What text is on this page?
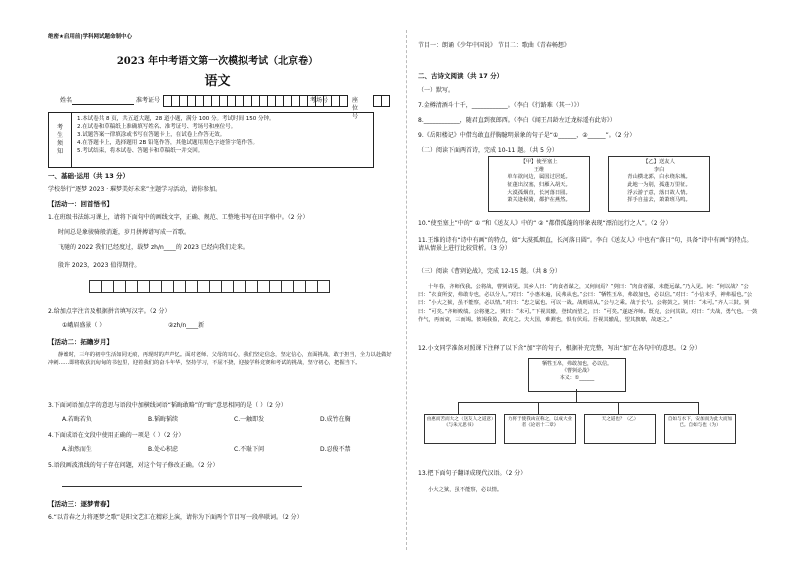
绝密★启用前|学科网试题命制中心
2023 年中考语文第一次模拟考试（北京卷）
语文
姓名	准考证号	考场号	座位号
考
生
须
知
1.本试卷共 8 页，共五道大题，28 道小题，满分 100 分。考试时间 150 分钟。
2.在试卷和草稿纸上准确填写姓名、准考证号、考场号和座位号。
3.试题答案一律填涂或书写在答题卡上，在试卷上作答无效。
4.在答题卡上，选择题用 2B 铅笔作答，其他试题用黑色字迹签字笔作答。
5.考试结束，将本试卷、答题卡和草稿纸一并交回。
一、基础·运用（共 13 分）
学校举行“逐梦 2023 · 璀梦美好未来”主题学习活动，请你参加。
【活动一：回首悟书】
1.在班级书法练习课上，请将下面句中的画线文字，正确、规范、工整地书写在田字格中。（2 分）
时间总是象骏骑般消逝，岁月拼搏谱写成一首歌。
飞驰的 2022 我们已经度过，载梦 zh/n____的 2023 已经向我们走来。
殷许 2023，2023 值得期待。
2.给加点字注音及根据拼音填写汉字。（2 分）
①峨眉盛景（ ）	②zh/n____新
【活动二：拓瞻岁月】
静谧时，三年的初中生活如同无痕，再现时的声声忆。面对老师、父母的耳心，我们坚定信念，坚定信心，直面挑战，敢于担当，全力以赴做好冲刺……即将收获沉甸甸的书包里，迎着我们的奋斗年华，坚持学习，不屈不挠，迎接学科竞赛和考试的挑战，坚守初心，把握当下。
3.下面词语加点字的意思与语段中加横线词语“韬晦敢略”的“晦”意思相同的是（ ）（2 分）
A.若晦若负	B.韬晦韬续	C.一触即发	D.成竹在胸
4.下面成语在文段中使用正确的一项是（ ）（2 分）
A.油然而生	B.处心积虑	C.不耻下问	D.忍俊不禁
5.语段画波浪线的句子存在问题，对这个句子修改正确。（2 分）
【活动三：逐梦青春】
6.“以青春之力将逐梦之歌”是阳文艺汇在精彩上演，请你为下面两个节目写一段串联词。（2 分）
节目一：朗诵《少年中国说》 节目二：歌曲《青春畅想》
二、古诗文阅读（共 17 分）
（一）默写。
7.金樽清酒斗十千，____________。（李白《行路难（其一）》）
8.____________，随君直到夜郎西。（李白《闻王昌龄左迁龙标遥有此寄》）
9.《岳阳楼记》中借鸟敢直抒胸臆明景象的句子是“①______，②______”。（2 分）
（二）阅读下面两首诗，完成 10-11 题。（共 5 分）
【甲】使至塞上
王维
单车欲问边，属国过居延。
征蓬出汉塞，归雁入胡天。
大漠孤烟直，长河落日圆。
萧关逢候骑，都护在燕然。
【乙】送友人
李白
青山横北郭，白水绕东城。
此地一为别，孤蓬万里征。
浮云游子意，落日故人情。
挥手自兹去，萧萧班马鸣。
10.“使至塞上”中的“ ① ”和《送友人》中的“ ② ”都借孤蓬的形象表现“漂泊远行之人”。（2 分）
11.王维的诗有“诗中有画”的特点，如“大漠孤烟直，长河落日圆”。李白《送友人》中也有“落日”句，具备“诗中有画”的特点。请从情景上进行比较赏析。（3 分）
（三）阅读《曹刿论战》，完成 12-15 题。（共 8 分）
十年春，齐师伐我。公将战，曹刿请见。其乡人曰：“肉食者谋之，又何间焉？”刿曰：“肉食者鄙，未能远谋。”乃入见。问：“何以战？”公曰：“衣食所安，弗敢专也，必以分人。”对曰：“小惠未遍，民弗从也。”公曰：“牺牲玉帛，弗敢加也，必以信。”对曰：“小信未孚，神弗福也。”公曰：“小大之狱，虽不能察，必以情。”对曰：“忠之属也。可以一战。战则请从。”公与之乘。战于长勺。公将鼓之。刿曰：“未可。”齐人三鼓。刿曰：“可矣。”齐师败绩。公将驰之。刿曰：“未可。”下视其辙，登轼而望之，曰：“可矣。”遂逐齐师。既克，公问其故。对曰：“夫战，勇气也。一鼓作气，再而衰，三而竭。彼竭我盈，故克之。夫大国，难测也，惧有伏焉。吾视其辙乱，望其旗靡，故逐之。”
12.小文同学准备对照课下注释了以下含“加”字的句子，根据补充完整，写出“加”在各句中的意思。（2 分）
牺牲玉帛，弗敢加也，必以信。
《曹刿论战》
本义：①______
由惠而苦而大之（送友人之道意）《与朱元思书》
力将于使我凶宣称之，以成大业者《论语十二章》
天之道也？（乙）	自如与水下，安加而为此大而加已。自如与也（为）
13.把下面句子翻译成现代汉语。（2 分）
小大之狱，虽不能察，必以情。
